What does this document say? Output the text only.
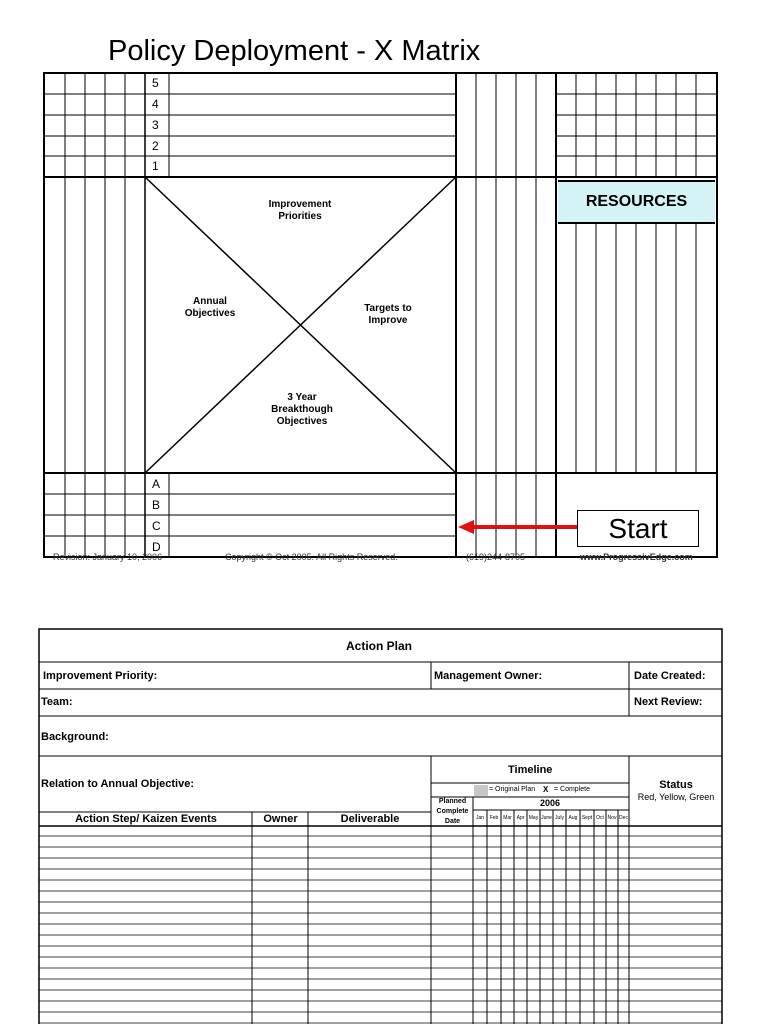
Policy Deployment - X Matrix
5
4
3
2
1
A
B
C
D
Improvement Priorities
Annual Objectives	Targets to Improve
3 Year Breakthough Objectives
RESOURCES
Start
Revision: January 10, 2006	Copyright © Oct 2005. All Rights Reserved.	(619)244-8705	www.ProgressivEdge.com
Action Plan
Improvement Priority:	Management Owner:	Date Created:
Team:	Next Review:
Background:
Relation to Annual Objective:
Timeline
= Original Plan X = Complete
2006
Planned
Complete
Date
Status
Red, Yellow, Green
Action Step/ Kaizen Events	Owner	Deliverable	Jan	Feb Mar Apr May June July Aug Sept Oct Nov Dec
